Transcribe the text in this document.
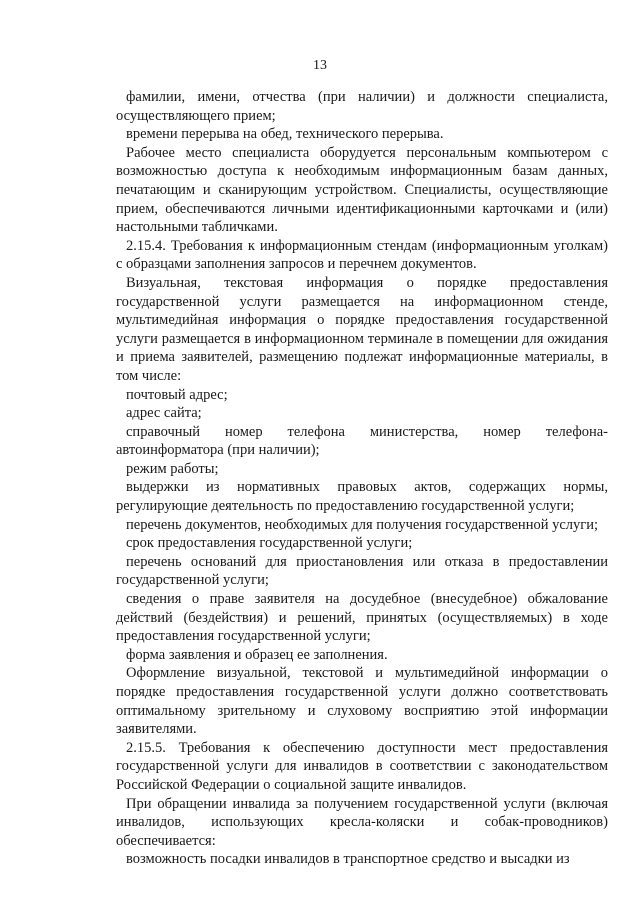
13

фамилии, имени, отчества (при наличии) и должности специалиста, осуществляющего прием;

времени перерыва на обед, технического перерыва.

Рабочее место специалиста оборудуется персональным компьютером с возможностью доступа к необходимым информационным базам данных, печатающим и сканирующим устройством. Специалисты, осуществляющие прием, обеспечиваются личными идентификационными карточками и (или) настольными табличками.

2.15.4. Требования к информационным стендам (информационным уголкам) с образцами заполнения запросов и перечнем документов.

Визуальная, текстовая информация о порядке предоставления государственной услуги размещается на информационном стенде, мультимедийная информация о порядке предоставления государственной услуги размещается в информационном терминале в помещении для ожидания и приема заявителей, размещению подлежат информационные материалы, в том числе:

почтовый адрес;

адрес сайта;

справочный номер телефона министерства, номер телефона-автоинформатора (при наличии);

режим работы;

выдержки из нормативных правовых актов, содержащих нормы, регулирующие деятельность по предоставлению государственной услуги;

перечень документов, необходимых для получения государственной услуги;

срок предоставления государственной услуги;

перечень оснований для приостановления или отказа в предоставлении государственной услуги;

сведения о праве заявителя на досудебное (внесудебное) обжалование действий (бездействия) и решений, принятых (осуществляемых) в ходе предоставления государственной услуги;

форма заявления и образец ее заполнения.

Оформление визуальной, текстовой и мультимедийной информации о порядке предоставления государственной услуги должно соответствовать оптимальному зрительному и слуховому восприятию этой информации заявителями.

2.15.5. Требования к обеспечению доступности мест предоставления государственной услуги для инвалидов в соответствии с законодательством Российской Федерации о социальной защите инвалидов.

При обращении инвалида за получением государственной услуги (включая инвалидов, использующих кресла-коляски и собак-проводников) обеспечивается:

возможность посадки инвалидов в транспортное средство и высадки из
